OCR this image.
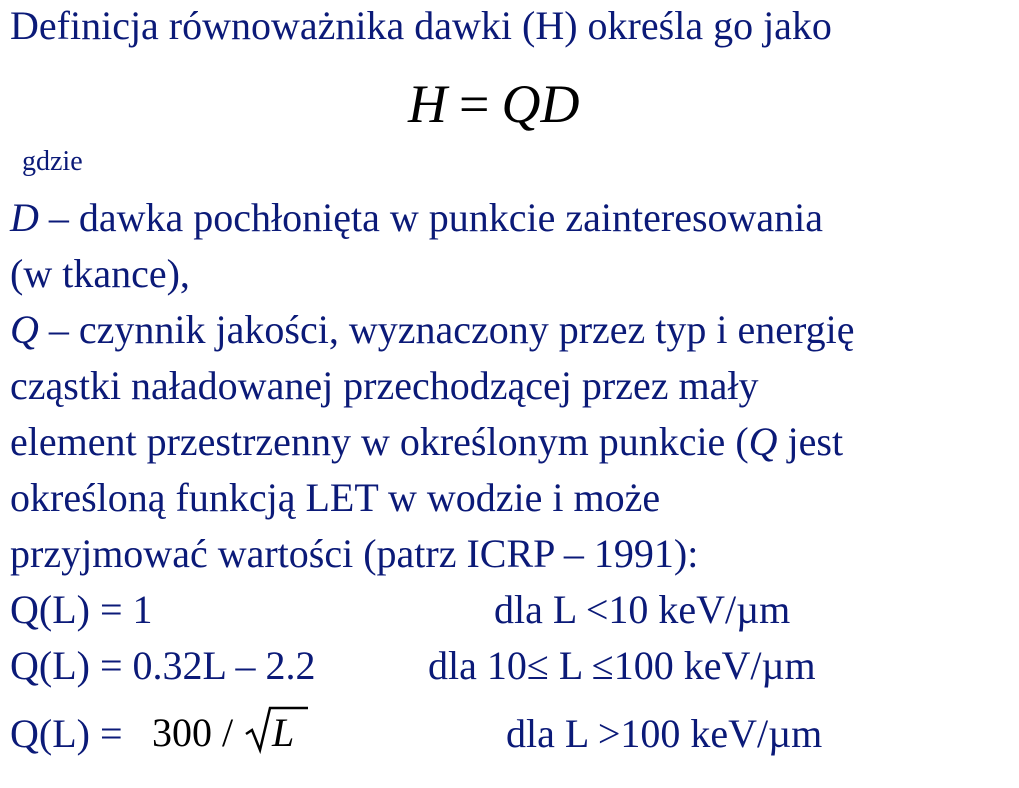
Definicja równoważnika dawki (H) określa go jako
H = QD
gdzie
D – dawka pochłonięta w punkcie zainteresowania
(w tkance),
Q – czynnik jakości, wyznaczony przez typ i energię
cząstki naładowanej przechodzącej przez mały
element przestrzenny w określonym punkcie (Q jest
określoną funkcją LET w wodzie i może
przyjmować wartości (patrz ICRP – 1991):
Q(L) = 1	dla L <10 keV/µm
Q(L) = 0.32L – 2.2	dla 10≤ L ≤100 keV/µm
Q(L) = 300 / L	dla L >100 keV/µm
